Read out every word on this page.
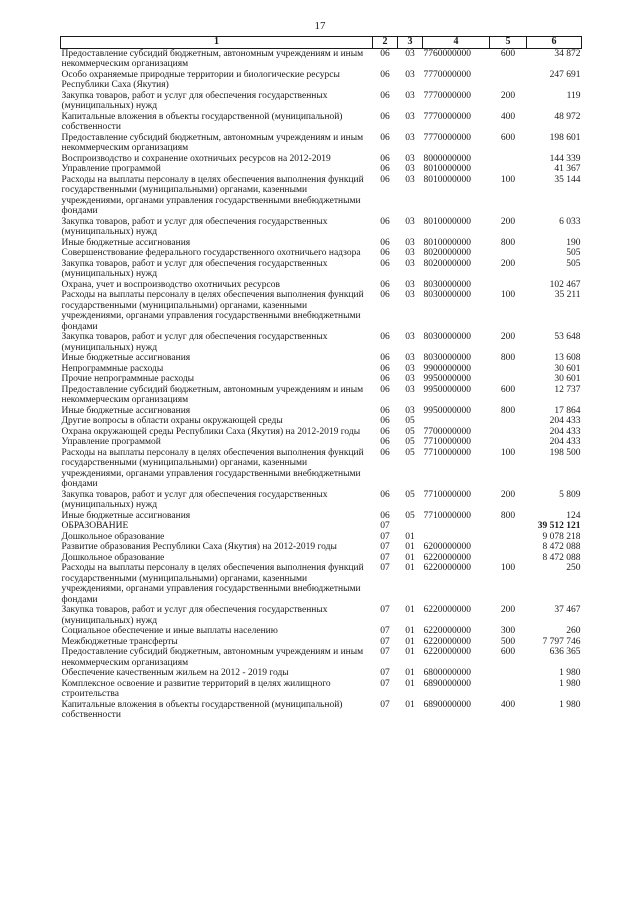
17
1	2	3	4	5	6
Предоставление субсидий бюджетным, автономным учреждениям и иным некоммерческим организациям	06	03	7760000000	600	34 872
Особо охраняемые природные территории и биологические ресурсы Республики Саха (Якутия)	06	03	7770000000		247 691
Закупка товаров, работ и услуг для обеспечения государственных (муниципальных) нужд	06	03	7770000000	200	119
Капитальные вложения в объекты государственной (муниципальной) собственности	06	03	7770000000	400	48 972
Предоставление субсидий бюджетным, автономным учреждениям и иным некоммерческим организациям	06	03	7770000000	600	198 601
Воспроизводство и сохранение охотничьих ресурсов на 2012-2019	06	03	8000000000		144 339
Управление программой	06	03	8010000000		41 367
Расходы на выплаты персоналу в целях обеспечения выполнения функций государственными (муниципальными) органами, казенными учреждениями, органами управления государственными внебюджетными фондами	06	03	8010000000	100	35 144
Закупка товаров, работ и услуг для обеспечения государственных (муниципальных) нужд	06	03	8010000000	200	6 033
Иные бюджетные ассигнования	06	03	8010000000	800	190
Совершенствование федерального государственного охотничьего надзора	06	03	8020000000		505
Закупка товаров, работ и услуг для обеспечения государственных (муниципальных) нужд	06	03	8020000000	200	505
Охрана, учет и воспроизводство охотничьих ресурсов	06	03	8030000000		102 467
Расходы на выплаты персоналу в целях обеспечения выполнения функций государственными (муниципальными) органами, казенными учреждениями, органами управления государственными внебюджетными фондами	06	03	8030000000	100	35 211
Закупка товаров, работ и услуг для обеспечения государственных (муниципальных) нужд	06	03	8030000000	200	53 648
Иные бюджетные ассигнования	06	03	8030000000	800	13 608
Непрограммные расходы	06	03	9900000000		30 601
Прочие непрограммные расходы	06	03	9950000000		30 601
Предоставление субсидий бюджетным, автономным учреждениям и иным некоммерческим организациям	06	03	9950000000	600	12 737
Иные бюджетные ассигнования	06	03	9950000000	800	17 864
Другие вопросы в области охраны окружающей среды	06	05			204 433
Охрана окружающей среды Республики Саха (Якутия) на 2012-2019 годы	06	05	7700000000		204 433
Управление программой	06	05	7710000000		204 433
Расходы на выплаты персоналу в целях обеспечения выполнения функций государственными (муниципальными) органами, казенными учреждениями, органами управления государственными внебюджетными фондами	06	05	7710000000	100	198 500
Закупка товаров, работ и услуг для обеспечения государственных (муниципальных) нужд	06	05	7710000000	200	5 809
Иные бюджетные ассигнования	06	05	7710000000	800	124
ОБРАЗОВАНИЕ	07				39 512 121
Дошкольное образование	07	01			9 078 218
Развитие образования Республики Саха (Якутия) на 2012-2019 годы	07	01	6200000000		8 472 088
Дошкольное образование	07	01	6220000000		8 472 088
Расходы на выплаты персоналу в целях обеспечения выполнения функций государственными (муниципальными) органами, казенными учреждениями, органами управления государственными внебюджетными фондами	07	01	6220000000	100	250
Закупка товаров, работ и услуг для обеспечения государственных (муниципальных) нужд	07	01	6220000000	200	37 467
Социальное обеспечение и иные выплаты населению	07	01	6220000000	300	260
Межбюджетные трансферты	07	01	6220000000	500	7 797 746
Предоставление субсидий бюджетным, автономным учреждениям и иным некоммерческим организациям	07	01	6220000000	600	636 365
Обеспечение качественным жильем на 2012 - 2019 годы	07	01	6800000000		1 980
Комплексное освоение и развитие территорий в целях жилищного строительства	07	01	6890000000		1 980
Капитальные вложения в объекты государственной (муниципальной) собственности	07	01	6890000000	400	1 980
